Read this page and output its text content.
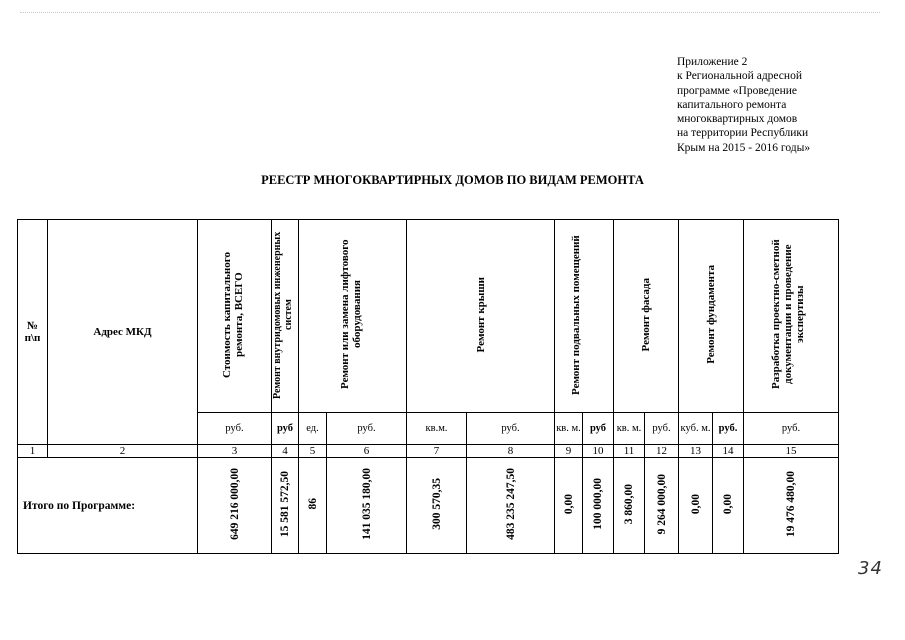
Приложение 2
к Региональной адресной
программе «Проведение
капитального ремонта
многоквартирных домов
на территории Республики
Крым на 2015 - 2016 годы»
РЕЕСТР МНОГОКВАРТИРНЫХ ДОМОВ ПО ВИДАМ РЕМОНТА
№ п\п	Адрес МКД	Стоимость капитального ремонта, ВСЕГО	Ремонт внутридомовых инженерных систем	Ремонт или замена лифтового оборудования		Ремонт крыши		Ремонт подвальных помещений		Ремонт фасада		Ремонт фундамента		Разработка проектно-сметной документации и проведение экспертизы
		руб.	руб	ед.	руб.	кв.м.	руб.	кв. м.	руб	кв. м.	руб.	куб. м.	руб.	руб.
1	2	3	4	5	6	7	8	9	10	11	12	13	14	15
Итого по Программе:		649 216 000,00	15 581 572,50	86	141 035 180,00	300 570,35	483 235 247,50	0,00	100 000,00	3 860,00	9 264 000,00	0,00	0,00	19 476 480,00
34
